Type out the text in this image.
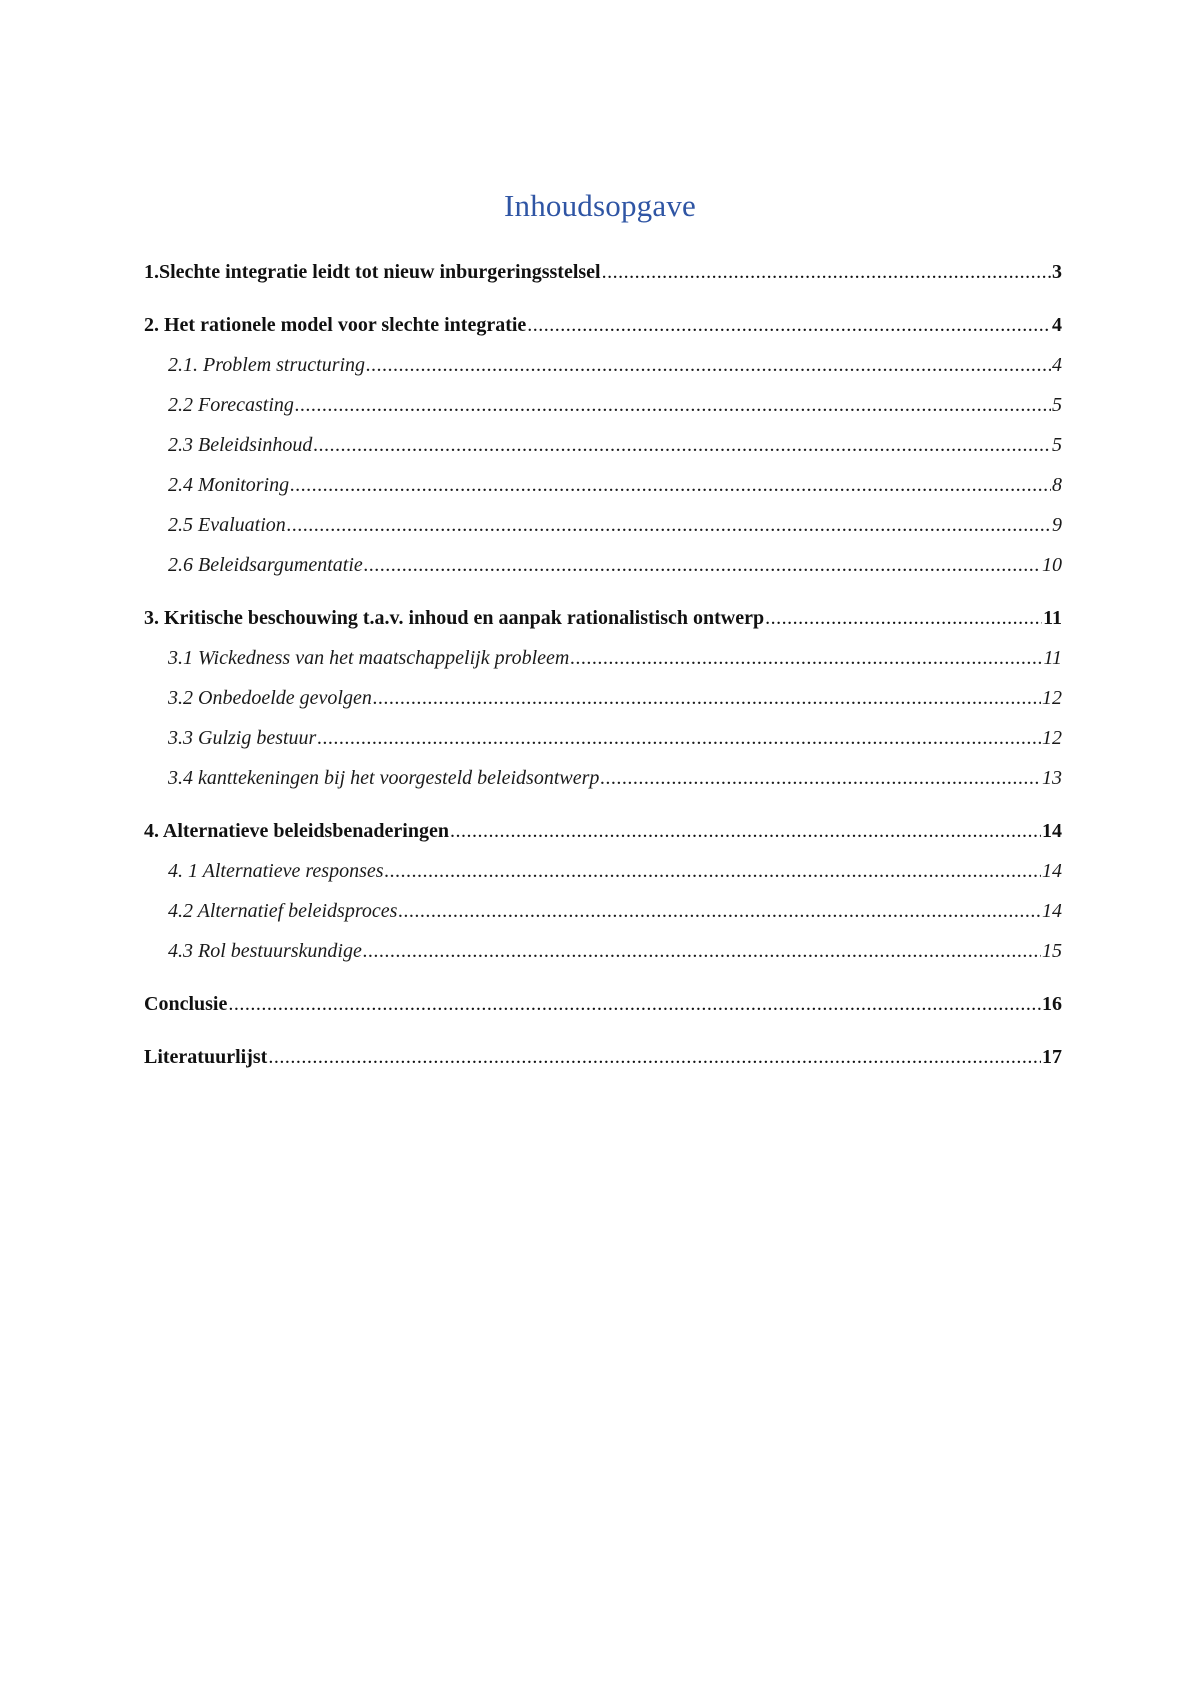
Inhoudsopgave
1.Slechte integratie leidt tot nieuw inburgeringsstelsel .....	3
2. Het rationele model voor slechte integratie .....	4
2.1. Problem structuring .....	4
2.2 Forecasting .....	5
2.3 Beleidsinhoud .....	5
2.4 Monitoring .....	8
2.5 Evaluation .....	9
2.6 Beleidsargumentatie .....	10
3. Kritische beschouwing t.a.v. inhoud en aanpak rationalistisch ontwerp .....	11
3.1 Wickedness van het maatschappelijk probleem .....	11
3.2 Onbedoelde gevolgen .....	12
3.3 Gulzig bestuur .....	12
3.4 kanttekeningen bij het voorgesteld beleidsontwerp .....	13
4. Alternatieve beleidsbenaderingen .....	14
4. 1 Alternatieve responses .....	14
4.2 Alternatief beleidsproces .....	14
4.3 Rol bestuurskundige .....	15
Conclusie .....	16
Literatuurlijst .....	17
